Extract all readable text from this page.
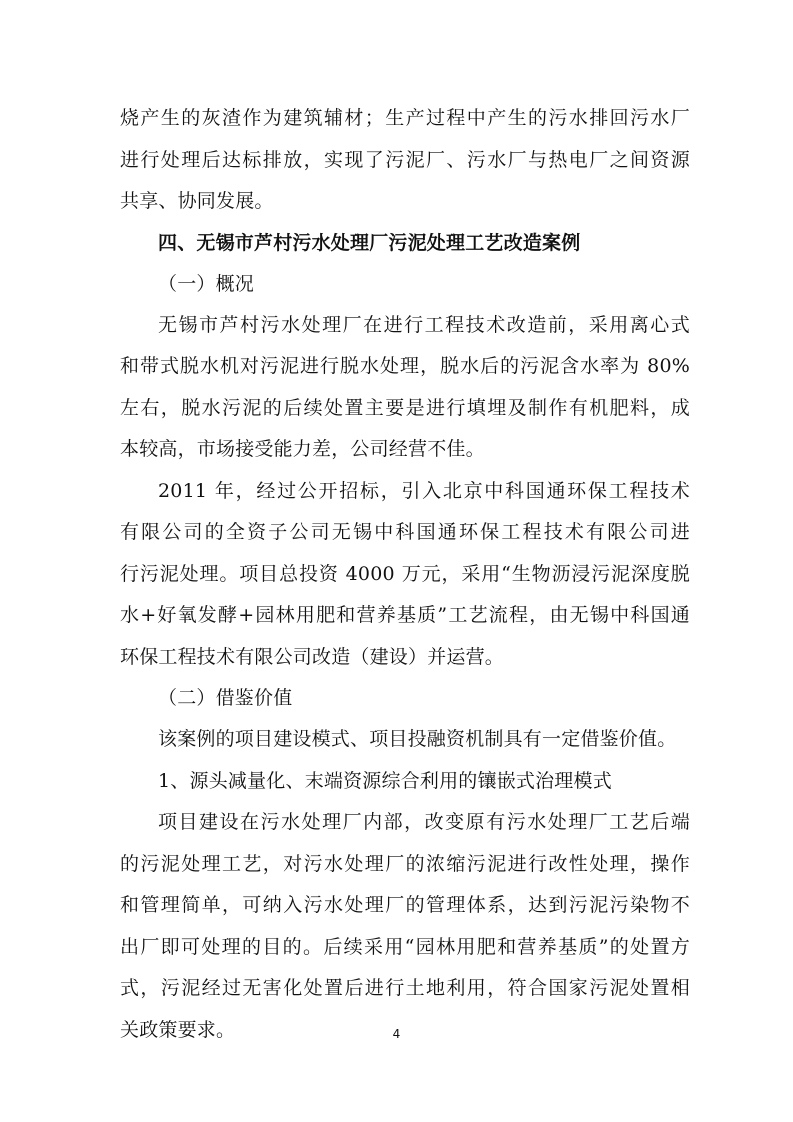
烧产生的灰渣作为建筑辅材；生产过程中产生的污水排回污水厂
进行处理后达标排放，实现了污泥厂、污水厂与热电厂之间资源
共享、协同发展。
四、无锡市芦村污水处理厂污泥处理工艺改造案例
（一）概况
无锡市芦村污水处理厂在进行工程技术改造前，采用离心式
和带式脱水机对污泥进行脱水处理，脱水后的污泥含水率为 80%
左右，脱水污泥的后续处置主要是进行填埋及制作有机肥料，成
本较高，市场接受能力差，公司经营不佳。
2011 年，经过公开招标，引入北京中科国通环保工程技术
有限公司的全资子公司无锡中科国通环保工程技术有限公司进
行污泥处理。项目总投资 4000 万元，采用“生物沥浸污泥深度脱
水+好氧发酵+园林用肥和营养基质”工艺流程，由无锡中科国通
环保工程技术有限公司改造（建设）并运营。
（二）借鉴价值
该案例的项目建设模式、项目投融资机制具有一定借鉴价值。
1、源头减量化、末端资源综合利用的镶嵌式治理模式
项目建设在污水处理厂内部，改变原有污水处理厂工艺后端
的污泥处理工艺，对污水处理厂的浓缩污泥进行改性处理，操作
和管理简单，可纳入污水处理厂的管理体系，达到污泥污染物不
出厂即可处理的目的。后续采用“园林用肥和营养基质”的处置方
式，污泥经过无害化处置后进行土地利用，符合国家污泥处置相
关政策要求。	4
